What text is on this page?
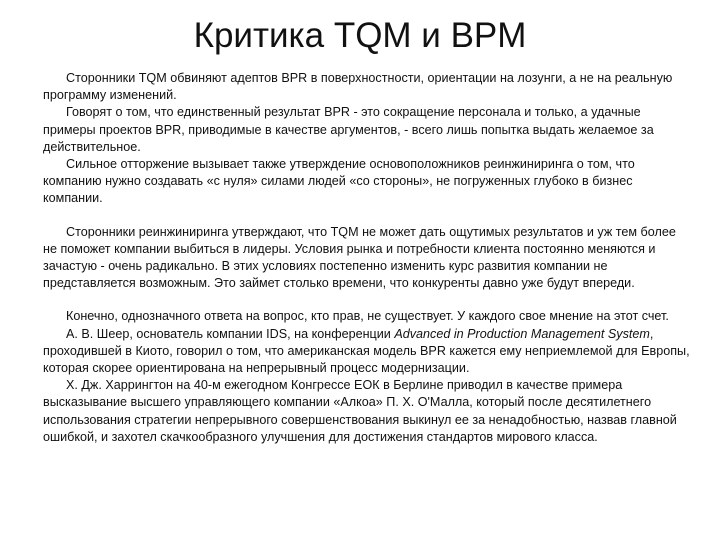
Критика TQM и BPM

Сторонники TQM обвиняют адептов BPR в поверхностности, ориентации на лозунги, а не на реальную программу изменений.

Говорят о том, что единственный результат BPR - это сокращение персонала и только, а удачные примеры проектов BPR, приводимые в качестве аргументов, - всего лишь попытка выдать желаемое за действительное.

Сильное отторжение вызывает также утверждение основоположников реинжиниринга о том, что компанию нужно создавать «с нуля» силами людей «со стороны», не погруженных глубоко в бизнес компании.

Сторонники реинжиниринга утверждают, что TQM не может дать ощутимых результатов и уж тем более не поможет компании выбиться в лидеры. Условия рынка и потребности клиента постоянно меняются и зачастую - очень радикально. В этих условиях постепенно изменить курс развития компании не представляется возможным. Это займет столько времени, что конкуренты давно уже будут впереди.

Конечно, однозначного ответа на вопрос, кто прав, не существует. У каждого свое мнение на этот счет.

А. В. Шеер, основатель компании IDS, на конференции Advanced in Production Management System, проходившей в Киото, говорил о том, что американская модель BPR кажется ему неприемлемой для Европы, которая скорее ориентирована на непрерывный процесс модернизации.

Х. Дж. Харрингтон на 40-м ежегодном Конгрессе ЕОК в Берлине приводил в качестве примера высказывание высшего управляющего компании «Алкоа» П. Х. О'Малла, который после десятилетнего использования стратегии непрерывного совершенствования выкинул ее за ненадобностью, назвав главной ошибкой, и захотел скачкообразного улучшения для достижения стандартов мирового класса.
